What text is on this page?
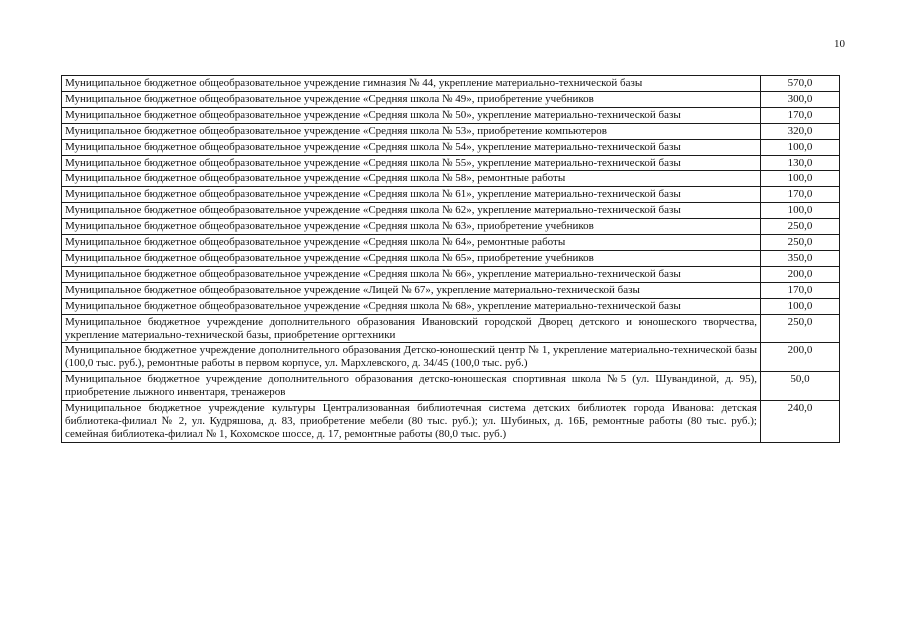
10
Муниципальное бюджетное общеобразовательное учреждение гимназия № 44, укрепление материально-технической базы	570,0
Муниципальное бюджетное общеобразовательное учреждение «Средняя школа № 49», приобретение учебников	300,0
Муниципальное бюджетное общеобразовательное учреждение «Средняя школа № 50», укрепление материально-технической базы	170,0
Муниципальное бюджетное общеобразовательное учреждение «Средняя школа № 53», приобретение компьютеров	320,0
Муниципальное бюджетное общеобразовательное учреждение «Средняя школа № 54», укрепление материально-технической базы	100,0
Муниципальное бюджетное общеобразовательное учреждение «Средняя школа № 55», укрепление материально-технической базы	130,0
Муниципальное бюджетное общеобразовательное учреждение «Средняя школа № 58», ремонтные работы	100,0
Муниципальное бюджетное общеобразовательное учреждение «Средняя школа № 61», укрепление материально-технической базы	170,0
Муниципальное бюджетное общеобразовательное учреждение «Средняя школа № 62», укрепление материально-технической базы	100,0
Муниципальное бюджетное общеобразовательное учреждение «Средняя школа № 63», приобретение учебников	250,0
Муниципальное бюджетное общеобразовательное учреждение «Средняя школа № 64», ремонтные работы	250,0
Муниципальное бюджетное общеобразовательное учреждение «Средняя школа № 65», приобретение учебников	350,0
Муниципальное бюджетное общеобразовательное учреждение «Средняя школа № 66», укрепление материально-технической базы	200,0
Муниципальное бюджетное общеобразовательное учреждение «Лицей № 67», укрепление материально-технической базы	170,0
Муниципальное бюджетное общеобразовательное учреждение «Средняя школа № 68», укрепление материально-технической базы	100,0
Муниципальное бюджетное учреждение дополнительного образования Ивановский городской Дворец детского и юношеского творчества, укрепление материально-технической базы, приобретение оргтехники	250,0
Муниципальное бюджетное учреждение дополнительного образования Детско-юношеский центр № 1, укрепление материально-технической базы (100,0 тыс. руб.), ремонтные работы в первом корпусе, ул. Мархлевского, д. 34/45 (100,0 тыс. руб.)	200,0
Муниципальное бюджетное учреждение дополнительного образования детско-юношеская спортивная школа №5 (ул. Шувандиной, д. 95), приобретение лыжного инвентаря, тренажеров	50,0
Муниципальное бюджетное учреждение культуры Централизованная библиотечная система детских библиотек города Иванова: детская библиотека-филиал № 2, ул. Кудряшова, д. 83, приобретение мебели (80 тыс. руб.); ул. Шубиных, д. 16Б, ремонтные работы (80 тыс. руб.); семейная библиотека-филиал № 1, Кохомское шоссе, д. 17, ремонтные работы (80,0 тыс. руб.)	240,0
